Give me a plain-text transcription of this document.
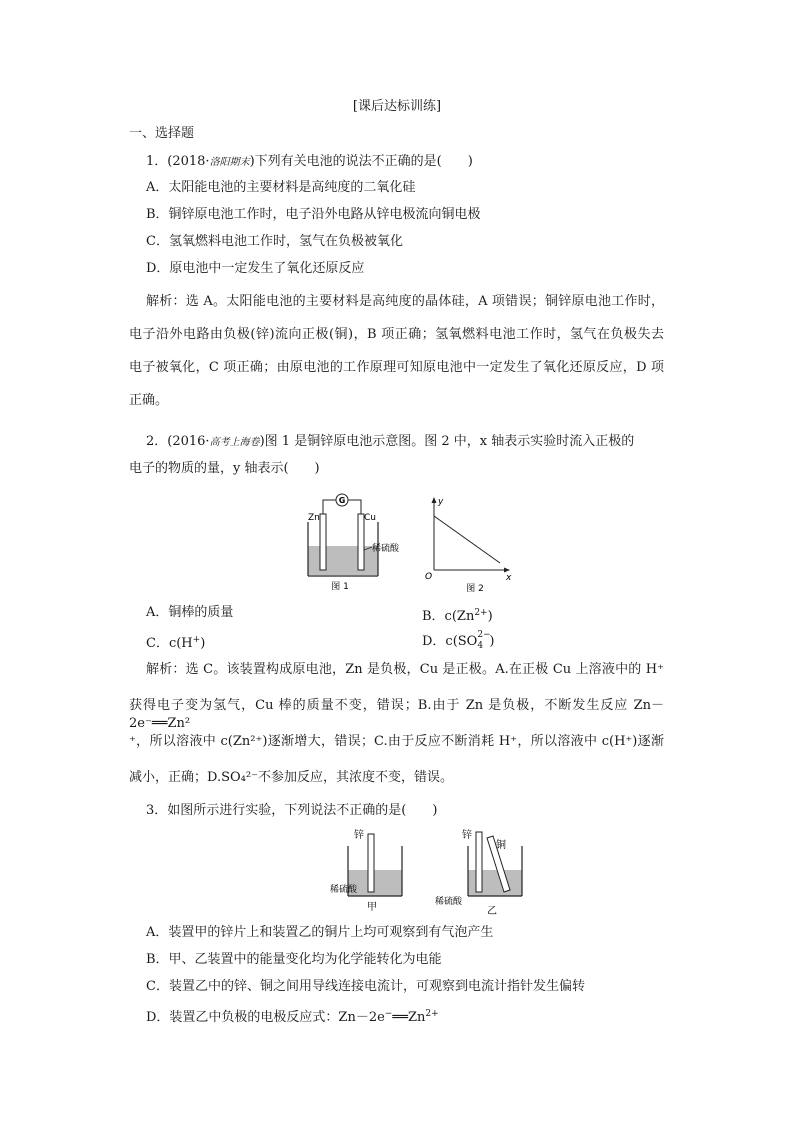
[课后达标训练]
一、选择题
1．(2018·洛阳期末)下列有关电池的说法不正确的是(　　)
A．太阳能电池的主要材料是高纯度的二氧化硅
B．铜锌原电池工作时，电子沿外电路从锌电极流向铜电极
C．氢氧燃料电池工作时，氢气在负极被氧化
D．原电池中一定发生了氧化还原反应
解析：选 A。太阳能电池的主要材料是高纯度的晶体硅，A 项错误；铜锌原电池工作时，
电子沿外电路由负极(锌)流向正极(铜)，B 项正确；氢氧燃料电池工作时，氢气在负极失去
电子被氧化，C 项正确；由原电池的工作原理可知原电池中一定发生了氧化还原反应，D 项
正确。
2．(2016·高考上海卷)图 1 是铜锌原电池示意图。图 2 中，x 轴表示实验时流入正极的
电子的物质的量，y 轴表示(　　)
G
Zn	Cu
稀硫酸
图 1
y
x
O
图 2
A．铜棒的质量	B．$c(Zn^{2+})$
C．c(H+)	D．c(SO 2−
4 )
解析：选 C。该装置构成原电池，Zn 是负极，Cu 是正极。A.在正极 Cu 上溶液中的 H⁺
获得电子变为氢气，Cu 棒的质量不变，错误；B.由于 Zn 是负极，不断发生反应 Zn－2e⁻══Zn²
⁺，所以溶液中 c(Zn²⁺)逐渐增大，错误；C.由于反应不断消耗 H⁺，所以溶液中 c(H⁺)逐渐
减小，正确；D.SO₄²⁻不参加反应，其浓度不变，错误。
3．如图所示进行实验，下列说法不正确的是(　　)
锌
稀硫酸
甲
锌
铜
稀硫酸
乙
A．装置甲的锌片上和装置乙的铜片上均可观察到有气泡产生
B．甲、乙装置中的能量变化均为化学能转化为电能
C．装置乙中的锌、铜之间用导线连接电流计，可观察到电流计指针发生偏转
D．装置乙中负极的电极反应式：$Zn-2e^-══Zn^{2+}$
